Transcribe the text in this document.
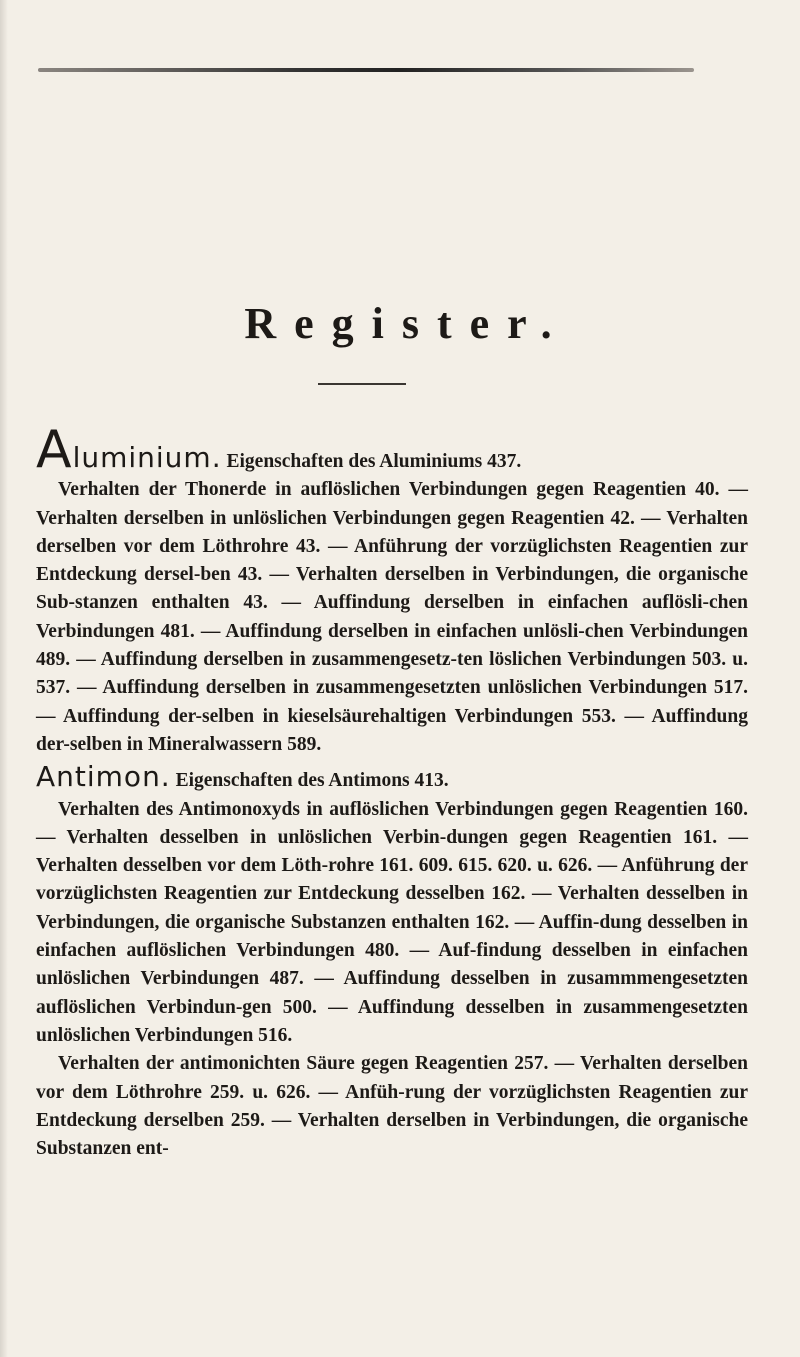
Register.

Aluminium. Eigenschaften des Aluminiums 437.

Verhalten der Thonerde in auflöslichen Verbindungen gegen Reagentien 40. — Verhalten derselben in unlöslichen Verbindungen gegen Reagentien 42. — Verhalten derselben vor dem Löthrohre 43. — Anführung der vorzüglichsten Reagentien zur Entdeckung dersel-ben 43. — Verhalten derselben in Verbindungen, die organische Sub-stanzen enthalten 43. — Auffindung derselben in einfachen auflösli-chen Verbindungen 481. — Auffindung derselben in einfachen unlösli-chen Verbindungen 489. — Auffindung derselben in zusammengesetz-ten löslichen Verbindungen 503. u. 537. — Auffindung derselben in zusammengesetzten unlöslichen Verbindungen 517. — Auffindung der-selben in kieselsäurehaltigen Verbindungen 553. — Auffindung der-selben in Mineralwassern 589.

Antimon. Eigenschaften des Antimons 413.

Verhalten des Antimonoxyds in auflöslichen Verbindungen gegen Reagentien 160. — Verhalten desselben in unlöslichen Verbin-dungen gegen Reagentien 161. — Verhalten desselben vor dem Löth-rohre 161. 609. 615. 620. u. 626. — Anführung der vorzüglichsten Reagentien zur Entdeckung desselben 162. — Verhalten desselben in Verbindungen, die organische Substanzen enthalten 162. — Auffin-dung desselben in einfachen auflöslichen Verbindungen 480. — Auf-findung desselben in einfachen unlöslichen Verbindungen 487. — Auffindung desselben in zusammmengesetzten auflöslichen Verbindun-gen 500. — Auffindung desselben in zusammengesetzten unlöslichen Verbindungen 516.

Verhalten der antimonichten Säure gegen Reagentien 257. — Verhalten derselben vor dem Löthrohre 259. u. 626. — Anfüh-rung der vorzüglichsten Reagentien zur Entdeckung derselben 259. — Verhalten derselben in Verbindungen, die organische Substanzen ent-
